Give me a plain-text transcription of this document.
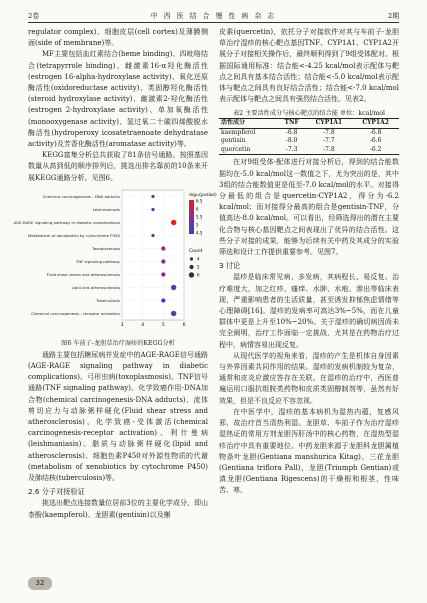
2卷	中 西 医 结 合 慢 性 病 杂 志	2期

regulator complex)、细胞皮层(cell cortex)及薄膜侧面(side of membrane)等。

MF主要包括血红素结合(heme binding)、四吡咯结合(tetrapyrrole binding)、雌激素16-α羟化酶活性(estrogen 16-alpha-hydroxylase activity)、氧化还原酶活性(oxidoreductase activity)、类固醇羟化酶活性(steroid hydroxylase activity)、雌激素2-羟化酶活性(estrogen 2-hydroxylase activity)、单加氧酶活性(monooxygenase activity)、氢过氧二十碳四烯酸脱水酶活性(hydroperoxy icosatetraenoate dehydratase activity)及芳香化酶活性(aromatase activity)等。

KEGG富集分析总共获取了81条信号通路。按照基因数量从高到低的顺序排列后，挑选出排名靠前的10条来开展KEGG通路分析。见图6。

Chemical carcinogenesis - DNA adducts
Leishmaniasis
AGE-RAGE signaling pathway in diabetic complications
Metabolism of xenobiotics by cytochrome P450
Toxoplasmosis
TNF signaling pathway
Fluid shear stress and atherosclerosis
Lipid and atherosclerosis
Tuberculosis
Chemical carcinogenesis - receptor activation
3	4	5	6
-log₁₀(pvalue)
6.5
6
5.5
5
4.5
Count
4
5
6
图6 车前子-龙胆草治疗湿疹的KEGG分析

通路主要包括糖尿病并发症中的AGE-RAGE信号通路(AGE-RAGE signaling pathway in diabetic complications)、弓形虫病(toxoplasmosis)、TNF信号通路(TNF signaling pathway)、化学致癌作用-DNA加合物(chemical carcinogenesis-DNA adducts)、流体剪切应力与动脉粥样硬化(Fluid shear stress and atherosclerosis)、化学致癌-受体激活(chemical carcinogenesis-receptor activation)、利什曼病(leishmaniasis)、脂质与动脉粥样硬化(lipid and atherosclerosis)、细胞色素P450对外源性物质的代谢(metabolism of xenobiotics by cytochrome P450)及肺结核(tuberculosis)等。

2.6 分子对接验证

挑选出靶点连接数量位居前3位的主要化学成分，即山柰酚(kaempferol)、龙胆素(gentisin)以及槲

皮素(quercetin)，依托分子对接软件对其与车前子-龙胆草治疗湿疹的核心靶点基因TNF、CYP1A1、CYP1A2开展分子对接相关操作后，最终顺利得到了9组受体配对。根据国际通用标准：结合能<-4.25 kcal/mol表示配体与靶点之间具有基本结合活性；结合能<-5.0 kcal/mol表示配体与靶点之间具有良好结合活性；结合能<-7.0 kcal/mol表示配体与靶点之间具有强烈结合活性。见表2。

表2 主要活性成分与核心靶点的结合能 单位：kcal/mol
活性成分	TNF	CYP1A1	CYP1A2
kaempferol	-6.8	-7.8	-6.8
gentisin	-8.0	-7.7	-6.6
quercetin	-7.3	-7.8	-6.2

在对9组受体-配体进行对接分析后，得到的结合能数据均在-5.0 kcal/mol这一数值之下，尤为突出的是，其中3组的结合能数值更是低至-7.0 kcal/mol的水平。对接得分最低的组合是quercetin-CYP1A2，得分为-6.2 kcal/mol；而对接得分最高的组合是gentisin-TNF，分值高达-8.0 kcal/mol。可以看出，经筛选得出的潜在主要化合物与核心基因靶点之间表现出了优异的结合活性。这些分子对接的成果，能够为后续有关中药及其成分的实验筛选和设计工作提供重要参考。见图7。

3 讨论

湿疹是临床常见病、多发病，其病程长、易反复、治疗难度大，加之红疹、瘙痒、水肿、水疱、渗出等临床表现，严重影响患者的生活质量，甚至诱发抑郁焦虑情绪等心理障碍[16]。湿疹的发病率可高达3%~5%，而在儿童群体中更是上升至10%~20%。关于湿疹的确切病因尚未完全阐明，治疗工作面临一定挑战，尤其是在药物治疗过程中，病情容易出现反复。

从现代医学的视角来看，湿疹的产生是机体自身因素与外界因素共同作用的结果。湿疹的发病机制较为复杂，通常和皮炎应激应答存在关联。在湿疹的治疗中，西医普遍运用口服抗组胺类药物和皮质类固醇制剂等，虽然有好效果，但是不良反应不容忽视。

在中医学中，湿疹的基本病机为湿热内蕴，复感风邪，故治疗首当清热利湿。龙胆草、车前子作为治疗湿疹湿热证的常用方剂龙胆泻肝汤中的核心药物，在湿热型湿疹治疗中具有重要地位。中药龙胆来源于龙胆科龙胆属植物条叶龙胆(Gentiana manshurica Kitag)、三花龙胆(Gentiana triflora Pall)、龙胆(Triumph Gentian)或滇龙胆(Gentiana Rigescens)的干燥根和根茎，性味苦、寒，

32
